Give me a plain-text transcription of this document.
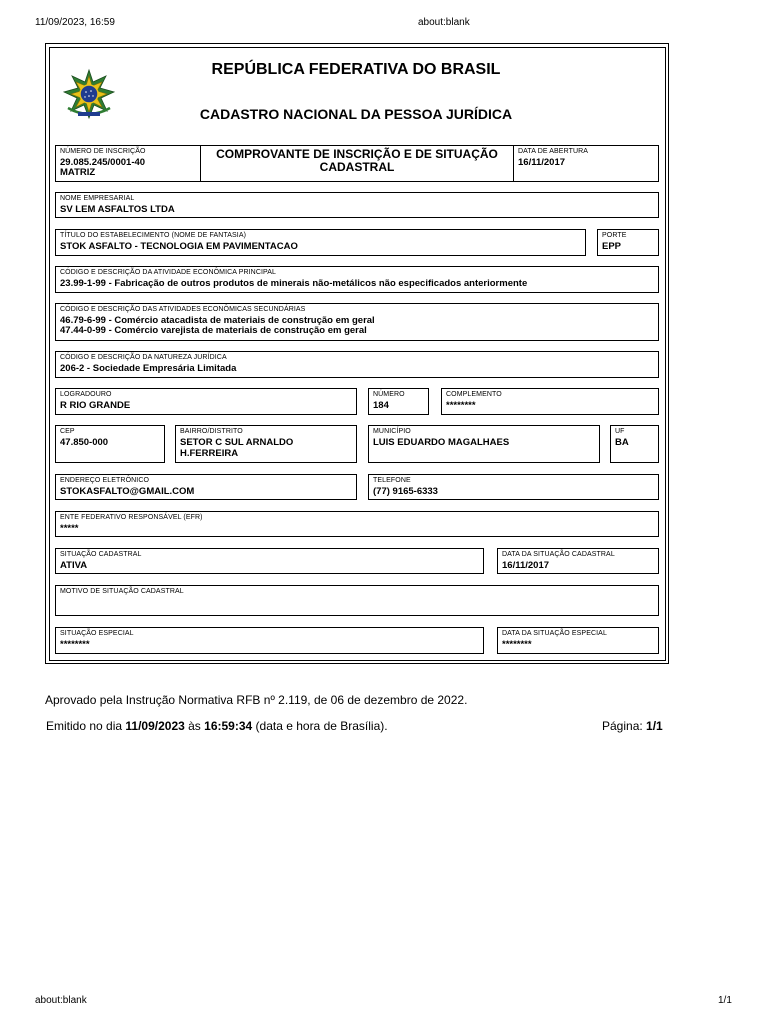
11/09/2023, 16:59	about:blank
about:blank	1/1
REPÚBLICA FEDERATIVA DO BRASIL
CADASTRO NACIONAL DA PESSOA JURÍDICA
NÚMERO DE INSCRIÇÃO
29.085.245/0001-40
MATRIZ
COMPROVANTE DE INSCRIÇÃO E DE SITUAÇÃO
CADASTRAL
DATA DE ABERTURA
16/11/2017
NOME EMPRESARIAL
SV LEM ASFALTOS LTDA
TÍTULO DO ESTABELECIMENTO (NOME DE FANTASIA)
STOK ASFALTO - TECNOLOGIA EM PAVIMENTACAO
PORTE
EPP
CÓDIGO E DESCRIÇÃO DA ATIVIDADE ECONÔMICA PRINCIPAL
23.99-1-99 - Fabricação de outros produtos de minerais não-metálicos não especificados anteriormente
CÓDIGO E DESCRIÇÃO DAS ATIVIDADES ECONÔMICAS SECUNDÁRIAS
46.79-6-99 - Comércio atacadista de materiais de construção em geral
47.44-0-99 - Comércio varejista de materiais de construção em geral
CÓDIGO E DESCRIÇÃO DA NATUREZA JURÍDICA
206-2 - Sociedade Empresária Limitada
LOGRADOURO
R RIO GRANDE
NÚMERO
184
COMPLEMENTO
********
CEP
47.850-000
BAIRRO/DISTRITO
SETOR C SUL ARNALDO
H.FERREIRA
MUNICÍPIO
LUIS EDUARDO MAGALHAES
UF
BA
ENDEREÇO ELETRÔNICO
STOKASFALTO@GMAIL.COM
TELEFONE
(77) 9165-6333
ENTE FEDERATIVO RESPONSÁVEL (EFR)
*****
SITUAÇÃO CADASTRAL
ATIVA
DATA DA SITUAÇÃO CADASTRAL
16/11/2017
MOTIVO DE SITUAÇÃO CADASTRAL
SITUAÇÃO ESPECIAL
********
DATA DA SITUAÇÃO ESPECIAL
********
Aprovado pela Instrução Normativa RFB nº 2.119, de 06 de dezembro de 2022.
Emitido no dia 11/09/2023 às 16:59:34 (data e hora de Brasília).	Página: 1/1
